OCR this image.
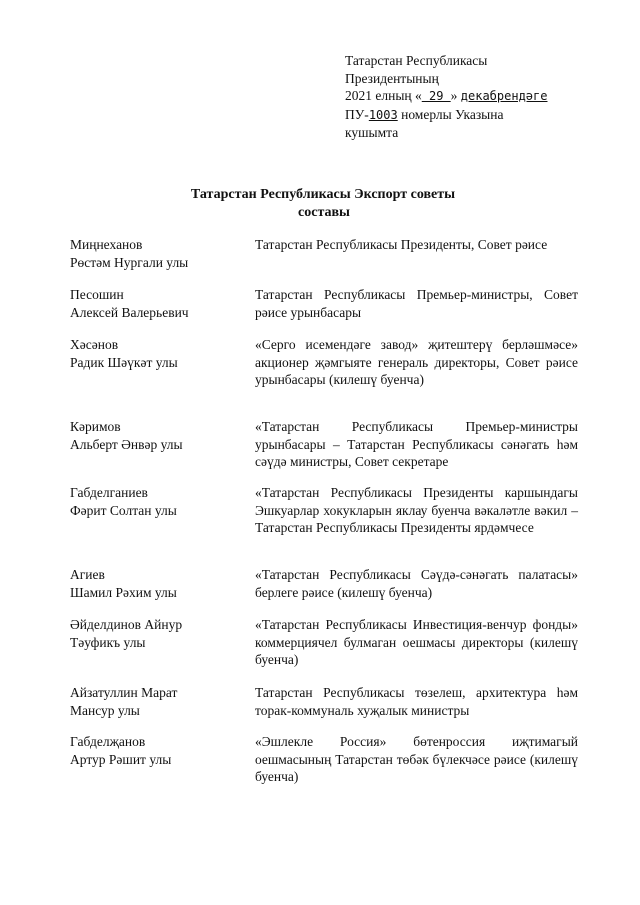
Татарстан Республикасы
Президентының
2021 елның « 29 » декабрендәге
ПУ-1003 номерлы Указына
кушымта
Татарстан Республикасы Экспорт советы
составы
Миңнеханов
Рөстәм Нургали улы
Татарстан Республикасы Президенты, Совет рәисе
Песошин
Алексей Валерьевич
Татарстан Республикасы Премьер-министры, Совет рәисе урынбасары
Хәсәнов
Радик Шәүкәт улы
«Серго исемендәге завод» җитештерү берләшмәсе» акционер җәмгыяте генераль директоры, Совет рәисе урынбасары (килешү буенча)
Кәримов
Альберт Әнвәр улы
«Татарстан Республикасы Премьер-министры урынбасары – Татарстан Республикасы сәнәгать һәм сәүдә министры, Совет секретаре
Габделганиев
Фәрит Солтан улы
«Татарстан Республикасы Президенты каршындагы Эшкуарлар хокукларын яклау буенча вәкаләтле вәкил – Татарстан Республикасы Президенты ярдәмчесе
Агиев
Шамил Рәхим улы
«Татарстан Республикасы Сәүдә-сәнәгать палатасы» берлеге рәисе (килешү буенча)
Әйделдинов Айнур
Тәуфикъ улы
«Татарстан Республикасы Инвестиция-венчур фонды» коммерциячел булмаган оешмасы директоры (килешү буенча)
Айзатуллин Марат
Мансур улы
Татарстан Республикасы төзелеш, архитектура һәм торак-коммуналь хуҗалык министры
Габделҗанов
Артур Рәшит улы
«Эшлекле Россия» бөтенроссия иҗтимагый оешмасының Татарстан төбәк бүлекчәсе рәисе (килешү буенча)
